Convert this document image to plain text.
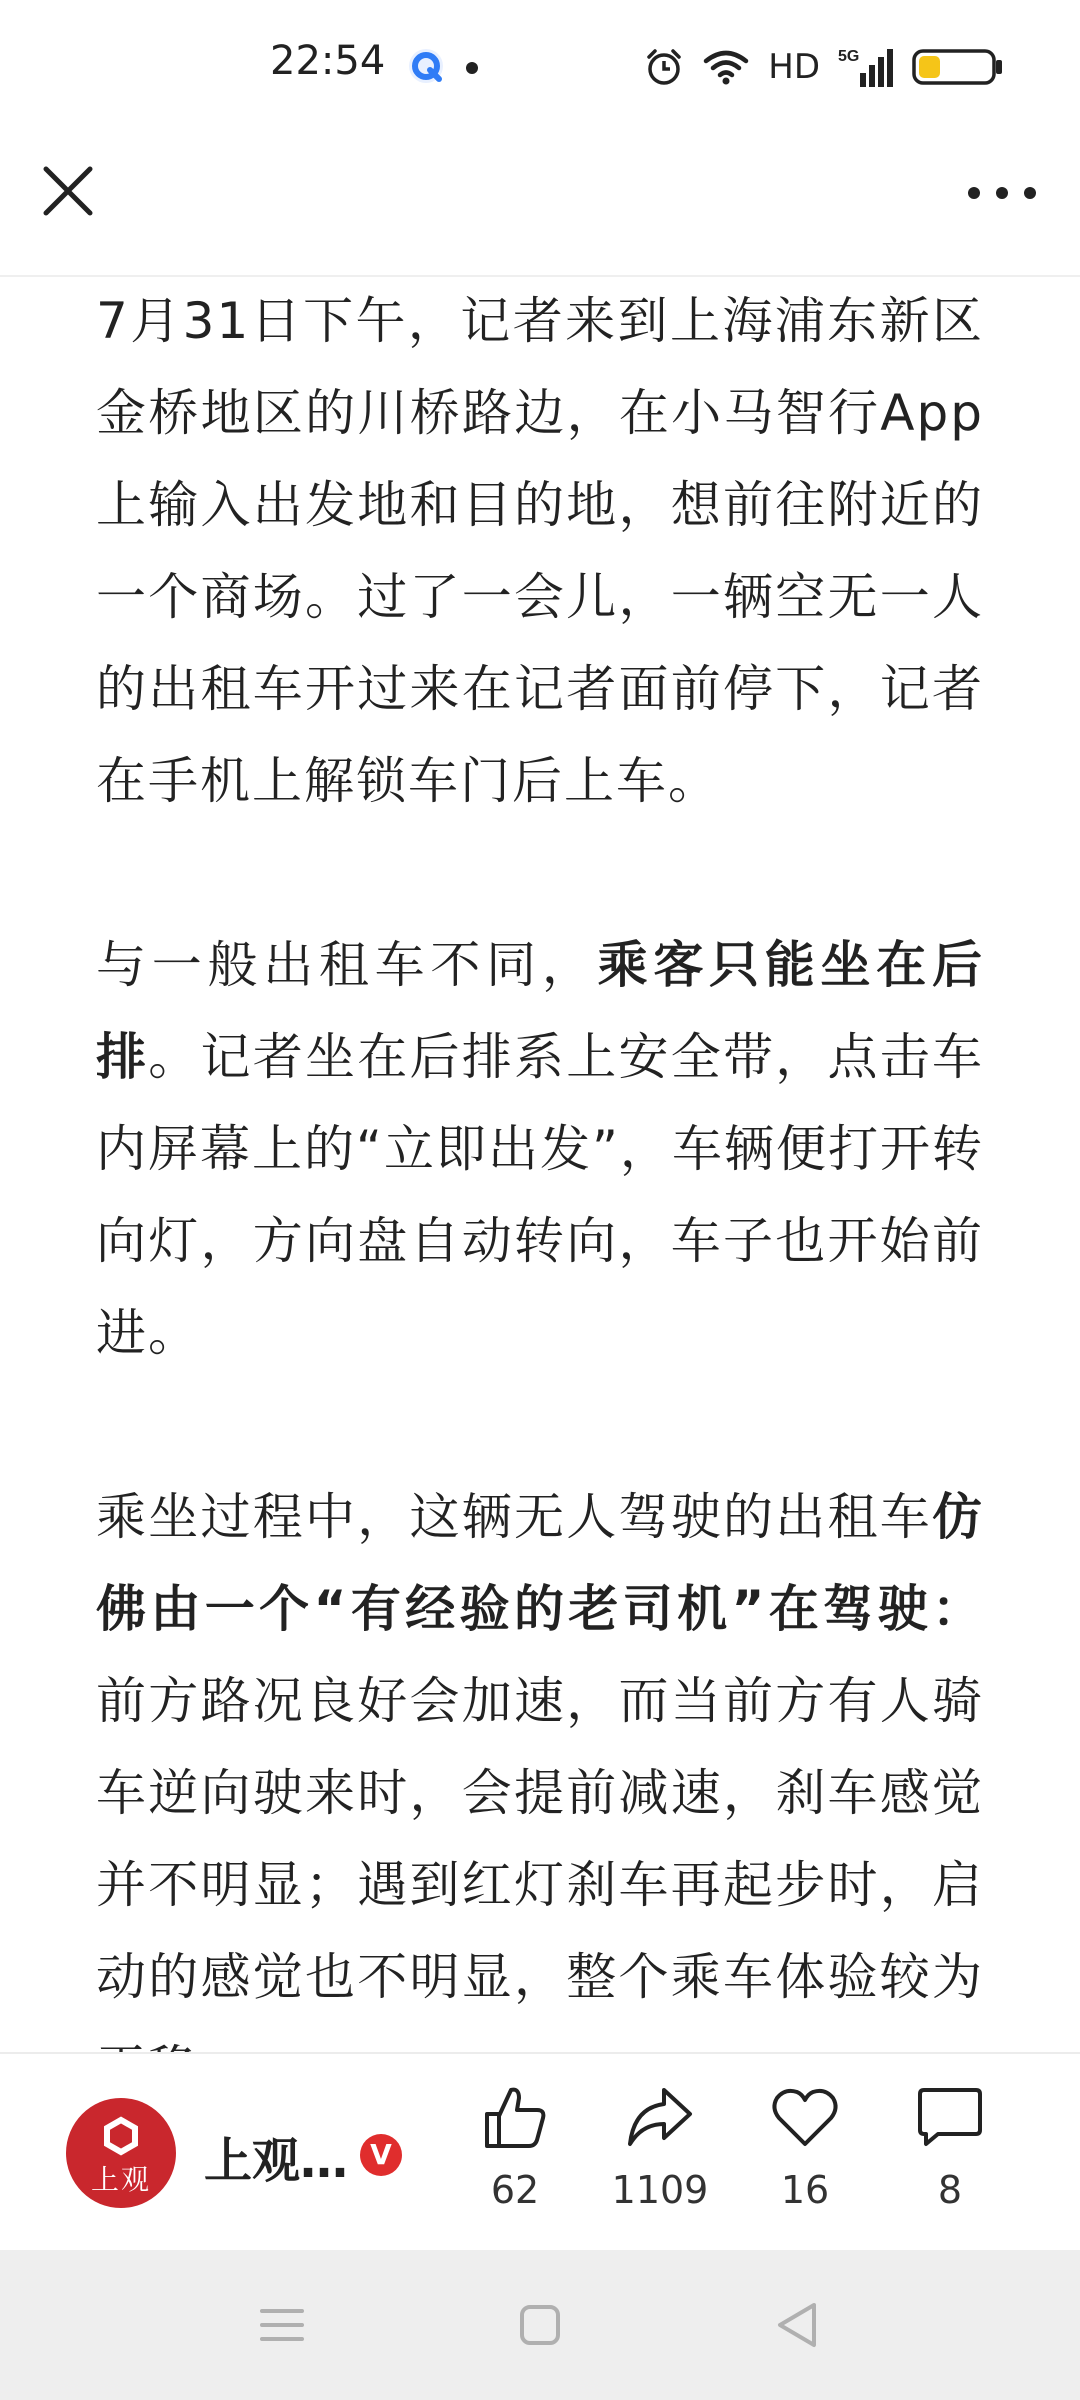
22:54	HD 5G

7月31日下午，记者来到上海浦东新区金桥地区的川桥路边，在小马智行App上输入出发地和目的地，想前往附近的一个商场。过了一会儿，一辆空无一人的出租车开过来在记者面前停下，记者在手机上解锁车门后上车。

与一般出租车不同，乘客只能坐在后排。记者坐在后排系上安全带，点击车内屏幕上的“立即出发”，车辆便打开转向灯，方向盘自动转向，车子也开始前进。

乘坐过程中，这辆无人驾驶的出租车仿佛由一个“有经验的老司机”在驾驶：前方路况良好会加速，而当前方有人骑车逆向驶来时，会提前减速，刹车感觉并不明显；遇到红灯刹车再起步时，启动的感觉也不明显，整个乘车体验较为

上观	上观… V
62	1109	16	8
